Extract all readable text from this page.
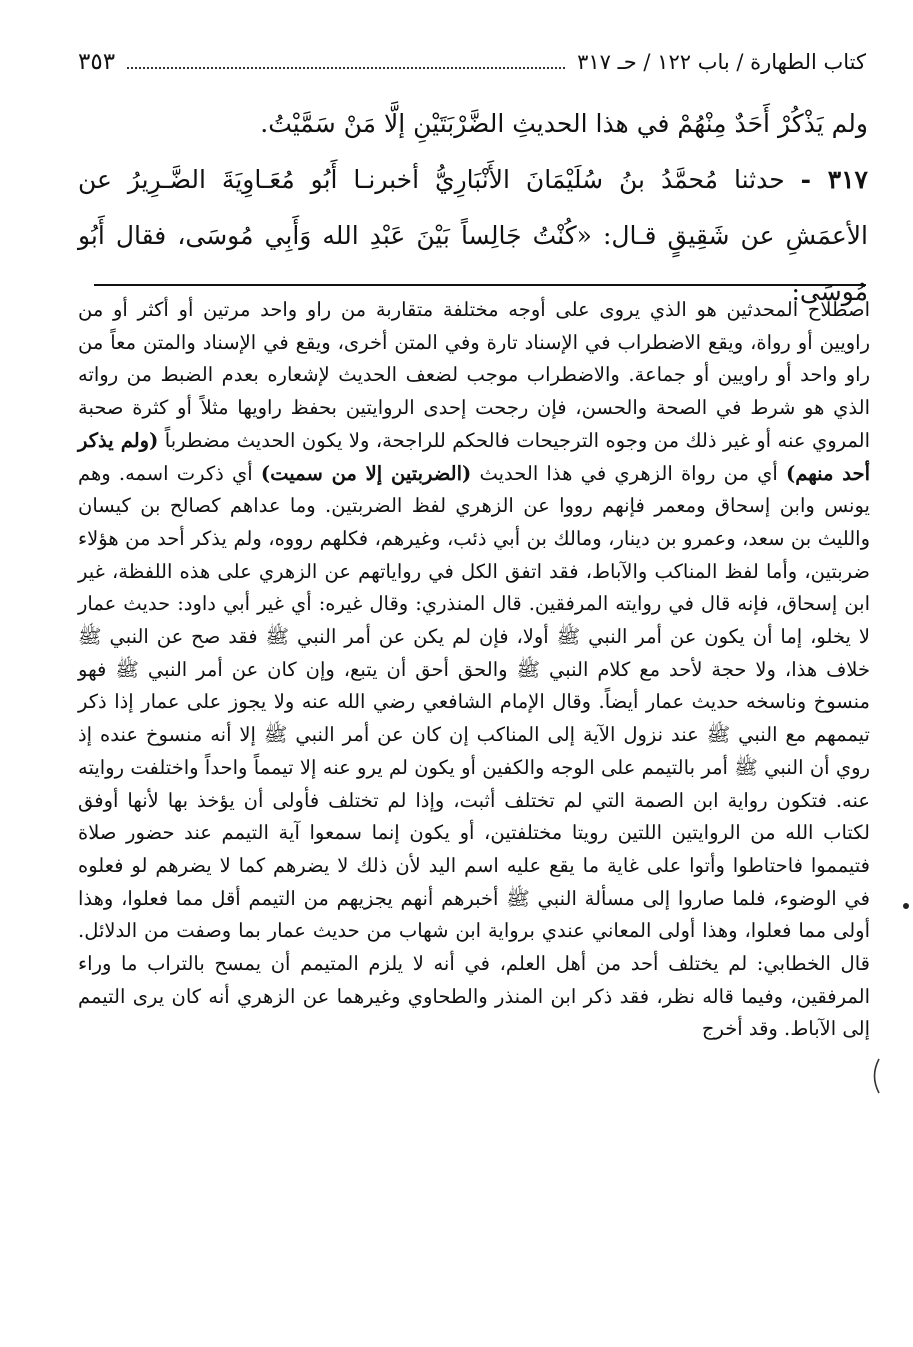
كتاب الطهارة / باب ١٢٢ / حـ ٣١٧
٣٥٣

ولم يَذْكُرْ أَحَدٌ مِنْهُمْ في هذا الحديثِ الضَّرْبَتَيْنِ إلَّا مَنْ سَمَّيْتُ.

٣١٧ - حدثنا مُحمَّدُ بنُ سُلَيْمَانَ الأَنْبَارِيُّ أخبرنـا أَبُو مُعَـاوِيَةَ الضَّـرِيرُ عن الأعمَشِ عن شَقِيقٍ قـال: «كُنْتُ جَالِساً بَيْنَ عَبْدِ الله وَأَبِي مُوسَى، فقال أَبُو مُوسَى:

اصطلاح المحدثين هو الذي يروى على أوجه مختلفة متقاربة من راو واحد مرتين أو أكثر أو من راويين أو رواة، ويقع الاضطراب في الإسناد تارة وفي المتن أخرى، ويقع في الإسناد والمتن معاً من راو واحد أو راويين أو جماعة. والاضطراب موجب لضعف الحديث لإشعاره بعدم الضبط من رواته الذي هو شرط في الصحة والحسن، فإن رجحت إحدى الروايتين بحفظ راويها مثلاً أو كثرة صحبة المروي عنه أو غير ذلك من وجوه الترجيحات فالحكم للراجحة، ولا يكون الحديث مضطرباً (ولم يذكر أحد منهم) أي من رواة الزهري في هذا الحديث (الضربتين إلا من سميت) أي ذكرت اسمه. وهم يونس وابن إسحاق ومعمر فإنهم رووا عن الزهري لفظ الضربتين. وما عداهم كصالح بن كيسان والليث بن سعد، وعمرو بن دينار، ومالك بن أبي ذئب، وغيرهم، فكلهم رووه، ولم يذكر أحد من هؤلاء ضربتين، وأما لفظ المناكب والآباط، فقد اتفق الكل في رواياتهم عن الزهري على هذه اللفظة، غير ابن إسحاق، فإنه قال في روايته المرفقين. قال المنذري: وقال غيره: أي غير أبي داود: حديث عمار لا يخلو، إما أن يكون عن أمر النبي ﷺ أولا، فإن لم يكن عن أمر النبي ﷺ فقد صح عن النبي ﷺ خلاف هذا، ولا حجة لأحد مع كلام النبي ﷺ والحق أحق أن يتبع، وإن كان عن أمر النبي ﷺ فهو منسوخ وناسخه حديث عمار أيضاً. وقال الإمام الشافعي رضي الله عنه ولا يجوز على عمار إذا ذكر تيممهم مع النبي ﷺ عند نزول الآية إلى المناكب إن كان عن أمر النبي ﷺ إلا أنه منسوخ عنده إذ روي أن النبي ﷺ أمر بالتيمم على الوجه والكفين أو يكون لم يرو عنه إلا تيمماً واحداً واختلفت روايته عنه. فتكون رواية ابن الصمة التي لم تختلف أثبت، وإذا لم تختلف فأولى أن يؤخذ بها لأنها أوفق لكتاب الله من الروايتين اللتين رويتا مختلفتين، أو يكون إنما سمعوا آية التيمم عند حضور صلاة فتيمموا فاحتاطوا وأتوا على غاية ما يقع عليه اسم اليد لأن ذلك لا يضرهم كما لا يضرهم لو فعلوه في الوضوء، فلما صاروا إلى مسألة النبي ﷺ أخبرهم أنهم يجزيهم من التيمم أقل مما فعلوا، وهذا أولى مما فعلوا، وهذا أولى المعاني عندي برواية ابن شهاب من حديث عمار بما وصفت من الدلائل. قال الخطابي: لم يختلف أحد من أهل العلم، في أنه لا يلزم المتيمم أن يمسح بالتراب ما وراء المرفقين، وفيما قاله نظر، فقد ذكر ابن المنذر والطحاوي وغيرهما عن الزهري أنه كان يرى التيمم إلى الآباط. وقد أخرج
